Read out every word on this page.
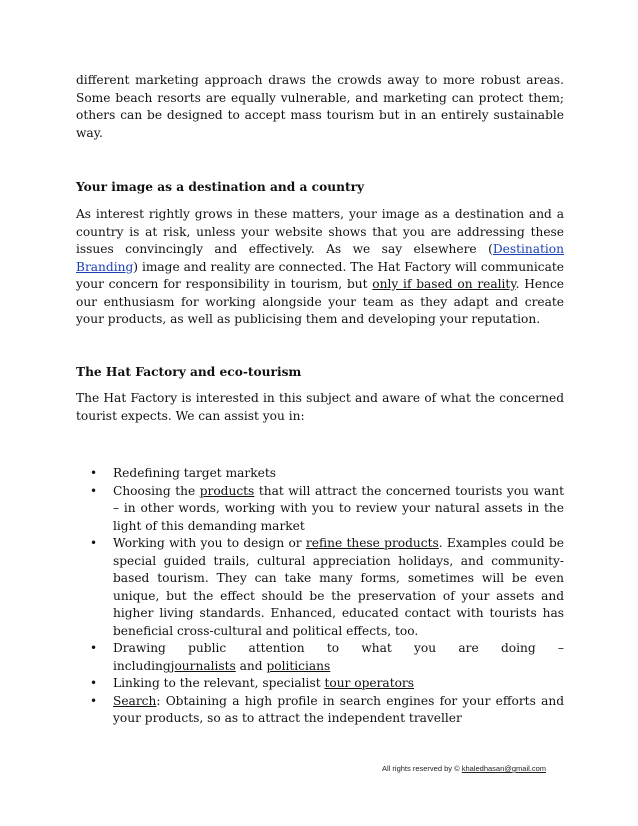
different marketing approach draws the crowds away to more robust areas. Some beach resorts are equally vulnerable, and marketing can protect them; others can be designed to accept mass tourism but in an entirely sustainable way.

Your image as a destination and a country

As interest rightly grows in these matters, your image as a destination and a country is at risk, unless your website shows that you are addressing these issues convincingly and effectively. As we say elsewhere (Destination Branding) image and reality are connected. The Hat Factory will communicate your concern for responsibility in tourism, but only if based on reality. Hence our enthusiasm for working alongside your team as they adapt and create your products, as well as publicising them and developing your reputation.

The Hat Factory and eco-tourism

The Hat Factory is interested in this subject and aware of what the concerned tourist expects. We can assist you in:

• Redefining target markets
• Choosing the products that will attract the concerned tourists you want – in other words, working with you to review your natural assets in the light of this demanding market
• Working with you to design or refine these products. Examples could be special guided trails, cultural appreciation holidays, and community-based tourism. They can take many forms, sometimes will be even unique, but the effect should be the preservation of your assets and higher living standards. Enhanced, educated contact with tourists has beneficial cross-cultural and political effects, too.
• Drawing public attention to what you are doing –
includingjournalists and politicians
• Linking to the relevant, specialist tour operators
• Search: Obtaining a high profile in search engines for your efforts and your products, so as to attract the independent traveller
All rights reserved by © khaledhasan@gmail.com
